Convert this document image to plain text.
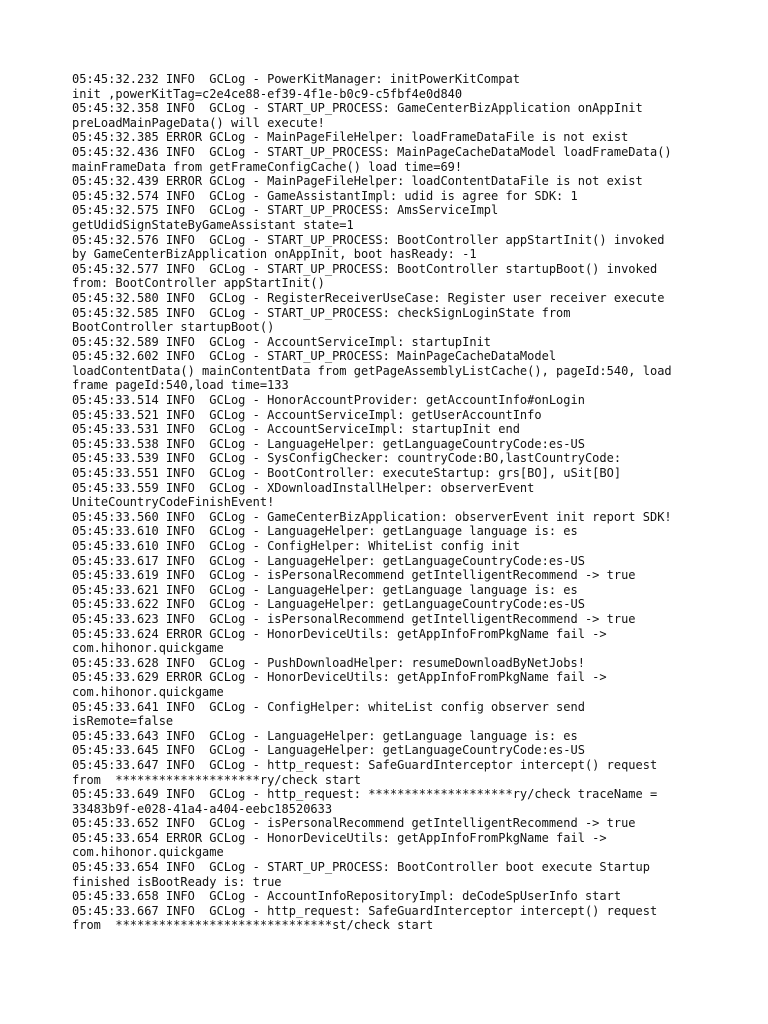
05:45:32.232 INFO  GCLog - PowerKitManager: initPowerKitCompat
init ,powerKitTag=c2e4ce88-ef39-4f1e-b0c9-c5fbf4e0d840
05:45:32.358 INFO  GCLog - START_UP_PROCESS: GameCenterBizApplication onAppInit
preLoadMainPageData() will execute!
05:45:32.385 ERROR GCLog - MainPageFileHelper: loadFrameDataFile is not exist
05:45:32.436 INFO  GCLog - START_UP_PROCESS: MainPageCacheDataModel loadFrameData()
mainFrameData from getFrameConfigCache() load time=69!
05:45:32.439 ERROR GCLog - MainPageFileHelper: loadContentDataFile is not exist
05:45:32.574 INFO  GCLog - GameAssistantImpl: udid is agree for SDK: 1
05:45:32.575 INFO  GCLog - START_UP_PROCESS: AmsServiceImpl
getUdidSignStateByGameAssistant state=1
05:45:32.576 INFO  GCLog - START_UP_PROCESS: BootController appStartInit() invoked
by GameCenterBizApplication onAppInit, boot hasReady: -1
05:45:32.577 INFO  GCLog - START_UP_PROCESS: BootController startupBoot() invoked
from: BootController appStartInit()
05:45:32.580 INFO  GCLog - RegisterReceiverUseCase: Register user receiver execute
05:45:32.585 INFO  GCLog - START_UP_PROCESS: checkSignLoginState from
BootController startupBoot()
05:45:32.589 INFO  GCLog - AccountServiceImpl: startupInit
05:45:32.602 INFO  GCLog - START_UP_PROCESS: MainPageCacheDataModel
loadContentData() mainContentData from getPageAssemblyListCache(), pageId:540, load
frame pageId:540,load time=133
05:45:33.514 INFO  GCLog - HonorAccountProvider: getAccountInfo#onLogin
05:45:33.521 INFO  GCLog - AccountServiceImpl: getUserAccountInfo
05:45:33.531 INFO  GCLog - AccountServiceImpl: startupInit end
05:45:33.538 INFO  GCLog - LanguageHelper: getLanguageCountryCode:es-US
05:45:33.539 INFO  GCLog - SysConfigChecker: countryCode:BO,lastCountryCode:
05:45:33.551 INFO  GCLog - BootController: executeStartup: grs[BO], uSit[BO]
05:45:33.559 INFO  GCLog - XDownloadInstallHelper: observerEvent
UniteCountryCodeFinishEvent!
05:45:33.560 INFO  GCLog - GameCenterBizApplication: observerEvent init report SDK!
05:45:33.610 INFO  GCLog - LanguageHelper: getLanguage language is: es
05:45:33.610 INFO  GCLog - ConfigHelper: WhiteList config init
05:45:33.617 INFO  GCLog - LanguageHelper: getLanguageCountryCode:es-US
05:45:33.619 INFO  GCLog - isPersonalRecommend getIntelligentRecommend -> true
05:45:33.621 INFO  GCLog - LanguageHelper: getLanguage language is: es
05:45:33.622 INFO  GCLog - LanguageHelper: getLanguageCountryCode:es-US
05:45:33.623 INFO  GCLog - isPersonalRecommend getIntelligentRecommend -> true
05:45:33.624 ERROR GCLog - HonorDeviceUtils: getAppInfoFromPkgName fail ->
com.hihonor.quickgame
05:45:33.628 INFO  GCLog - PushDownloadHelper: resumeDownloadByNetJobs!
05:45:33.629 ERROR GCLog - HonorDeviceUtils: getAppInfoFromPkgName fail ->
com.hihonor.quickgame
05:45:33.641 INFO  GCLog - ConfigHelper: whiteList config observer send
isRemote=false
05:45:33.643 INFO  GCLog - LanguageHelper: getLanguage language is: es
05:45:33.645 INFO  GCLog - LanguageHelper: getLanguageCountryCode:es-US
05:45:33.647 INFO  GCLog - http_request: SafeGuardInterceptor intercept() request
from  ********************ry/check start
05:45:33.649 INFO  GCLog - http_request: ********************ry/check traceName =
33483b9f-e028-41a4-a404-eebc18520633
05:45:33.652 INFO  GCLog - isPersonalRecommend getIntelligentRecommend -> true
05:45:33.654 ERROR GCLog - HonorDeviceUtils: getAppInfoFromPkgName fail ->
com.hihonor.quickgame
05:45:33.654 INFO  GCLog - START_UP_PROCESS: BootController boot execute Startup
finished isBootReady is: true
05:45:33.658 INFO  GCLog - AccountInfoRepositoryImpl: deCodeSpUserInfo start
05:45:33.667 INFO  GCLog - http_request: SafeGuardInterceptor intercept() request
from  ******************************st/check start
